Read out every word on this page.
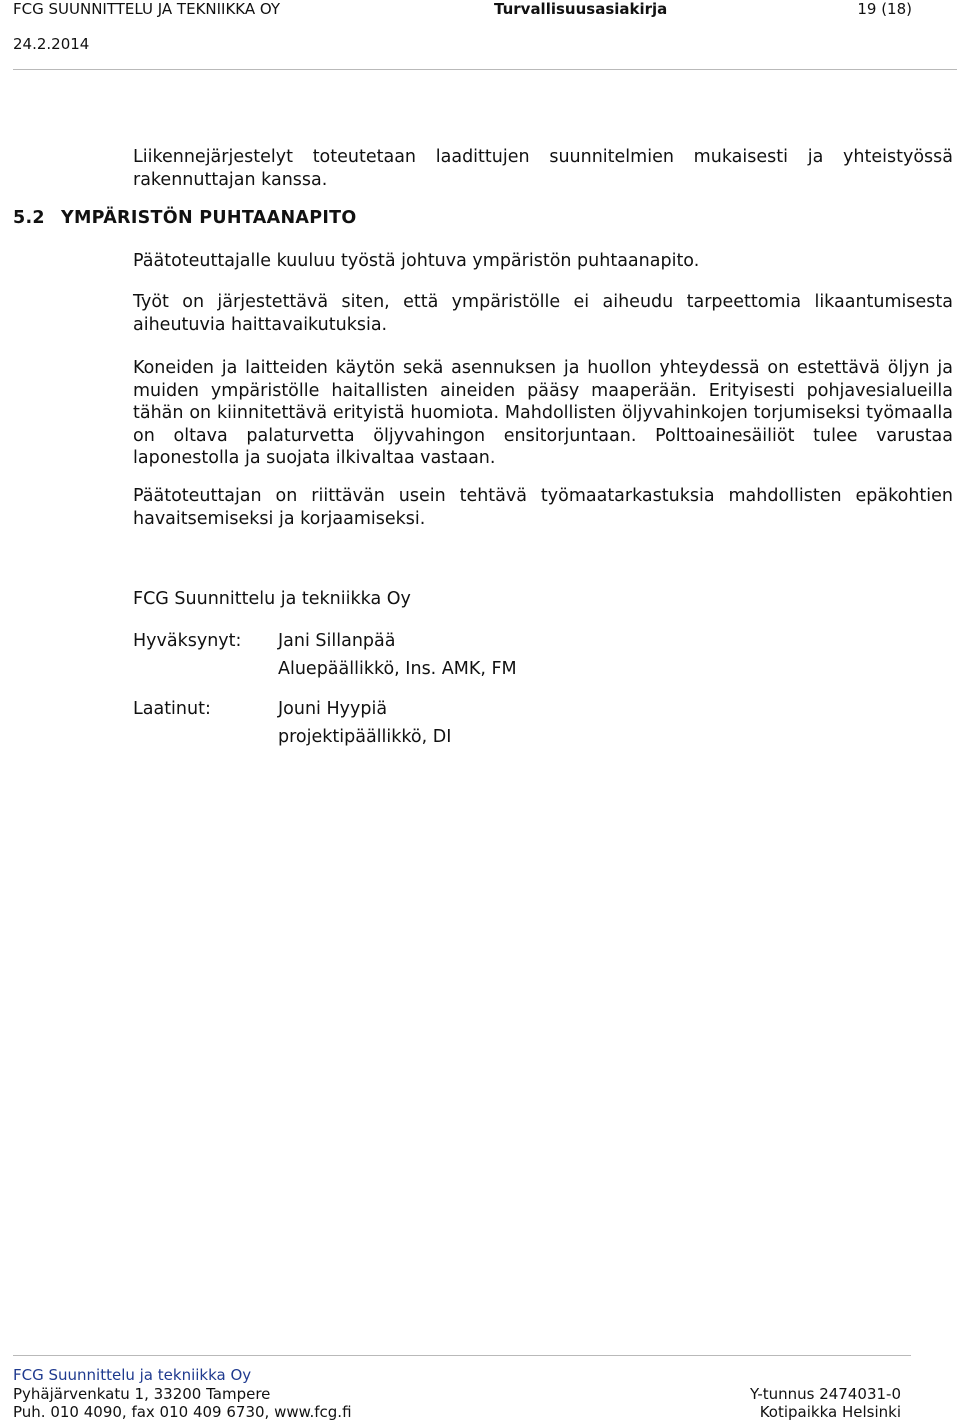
FCG SUUNNITTELU JA TEKNIIKKA OY	Turvallisuusasiakirja	19 (18)
24.2.2014
Liikennejärjestelyt toteutetaan laadittujen suunnitelmien mukaisesti ja yhteistyössä rakennuttajan kanssa.
5.2 YMPÄRISTÖN PUHTAANAPITO
Päätoteuttajalle kuuluu työstä johtuva ympäristön puhtaanapito.
Työt on järjestettävä siten, että ympäristölle ei aiheudu tarpeettomia likaantumisesta aiheutuvia haittavaikutuksia.
Koneiden ja laitteiden käytön sekä asennuksen ja huollon yhteydessä on estettävä öljyn ja muiden ympäristölle haitallisten aineiden pääsy maaperään. Erityisesti pohjavesialueilla tähän on kiinnitettävä erityistä huomiota. Mahdollisten öljyvahinkojen torjumiseksi työmaalla on oltava palaturvetta öljyvahingon ensitorjuntaan. Polttoainesäiliöt tulee varustaa laponestolla ja suojata ilkivaltaa vastaan.
Päätoteuttajan on riittävän usein tehtävä työmaatarkastuksia mahdollisten epäkohtien havaitsemiseksi ja korjaamiseksi.
FCG Suunnittelu ja tekniikka Oy
Hyväksynyt: Jani Sillanpää
Aluepäällikkö, Ins. AMK, FM
Laatinut:	Jouni Hyypiä
projektipäällikkö, DI
FCG Suunnittelu ja tekniikka Oy
Pyhäjärvenkatu 1, 33200 Tampere
Puh. 010 4090, fax 010 409 6730, www.fcg.fi
Y-tunnus 2474031-0
Kotipaikka Helsinki
